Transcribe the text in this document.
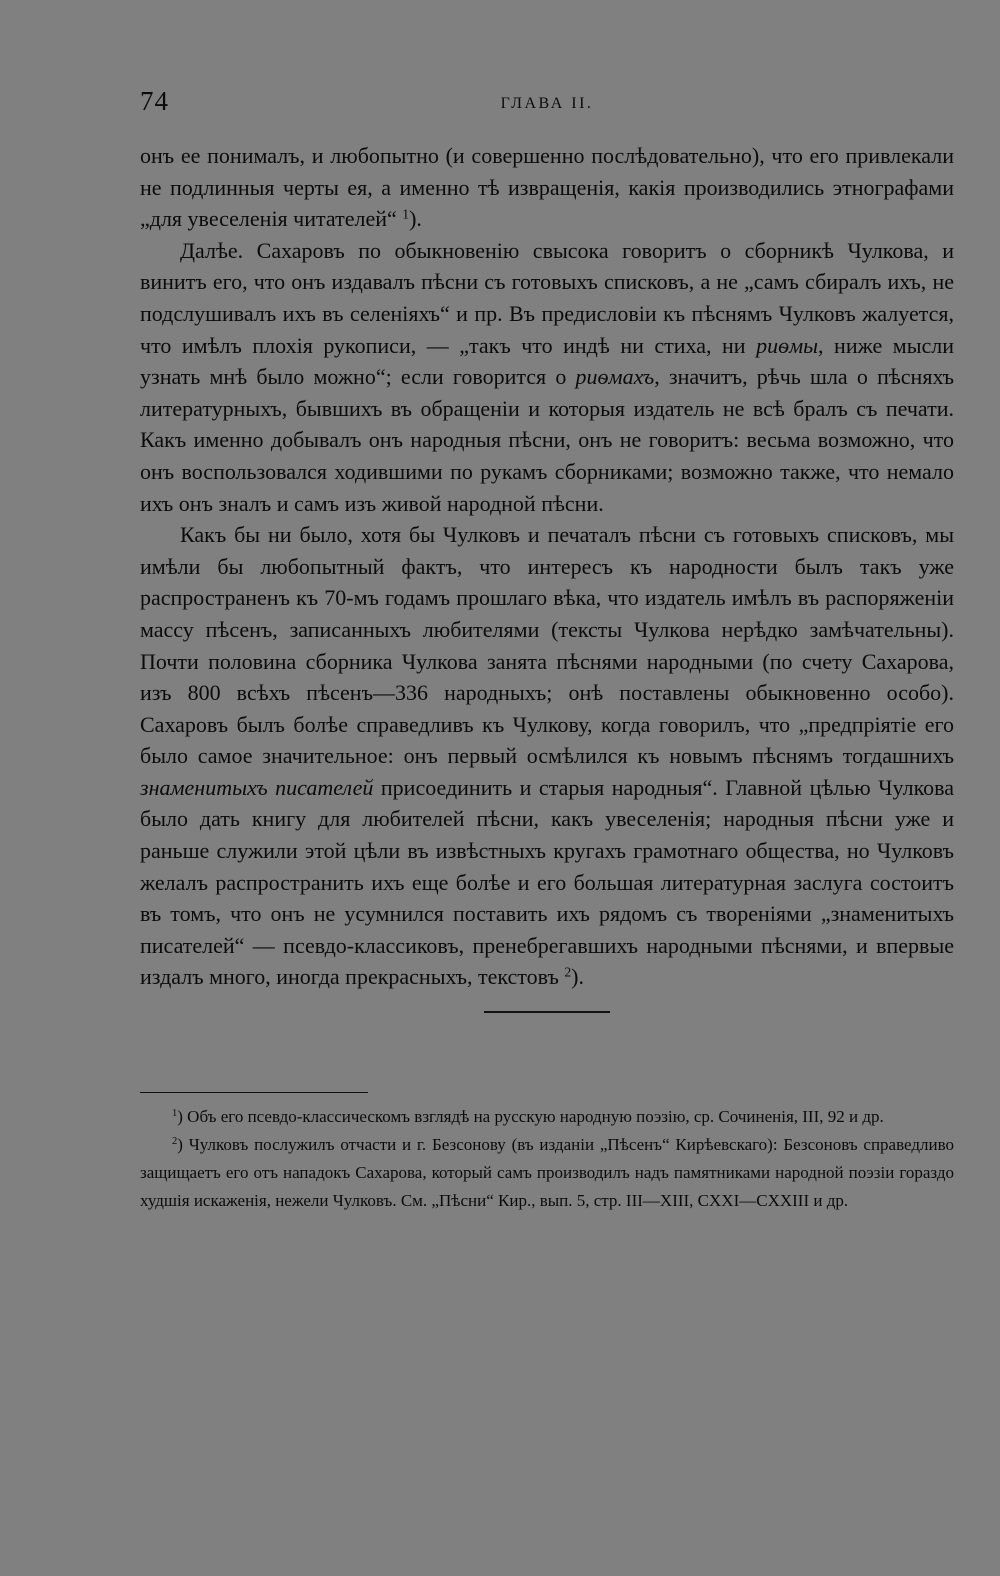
74	ГЛАВА II.

онъ ее понималъ, и любопытно (и совершенно послѣдовательно), что его привлекали не подлинныя черты ея, а именно тѣ извращенія, какія производились этнографами „для увеселенія читателей“ $^1$).

Далѣе. Сахаровъ по обыкновенію свысока говоритъ о сборникѣ Чулкова, и винитъ его, что онъ издавалъ пѣсни съ готовыхъ списковъ, а не „самъ сбиралъ ихъ, не подслушивалъ ихъ въ селеніяхъ“ и пр. Въ предисловіи къ пѣснямъ Чулковъ жалуется, что имѣлъ плохія рукописи, — „такъ что индѣ ни стиха, ни риѳмы, ниже мысли узнать мнѣ было можно“; если говорится о риѳмахъ, значитъ, рѣчь шла о пѣсняхъ литературныхъ, бывшихъ въ обращеніи и которыя издатель не всѣ бралъ съ печати. Какъ именно добывалъ онъ народныя пѣсни, онъ не говоритъ: весьма возможно, что онъ воспользовался ходившими по рукамъ сборниками; возможно также, что немало ихъ онъ зналъ и самъ изъ живой народной пѣсни.

Какъ бы ни было, хотя бы Чулковъ и печаталъ пѣсни съ готовыхъ списковъ, мы имѣли бы любопытный фактъ, что интересъ къ народности былъ такъ уже распространенъ къ 70-мъ годамъ прошлаго вѣка, что издатель имѣлъ въ распоряженіи массу пѣсенъ, записанныхъ любителями (тексты Чулкова нерѣдко замѣчательны). Почти половина сборника Чулкова занята пѣснями народными (по счету Сахарова, изъ 800 всѣхъ пѣсенъ—336 народныхъ; онѣ поставлены обыкновенно особо). Сахаровъ былъ болѣе справедливъ къ Чулкову, когда говорилъ, что „предпріятіе его было самое значительное: онъ первый осмѣлился къ новымъ пѣснямъ тогдашнихъ знаменитыхъ писателей присоединить и старыя народныя“. Главной цѣлью Чулкова было дать книгу для любителей пѣсни, какъ увеселенія; народныя пѣсни уже и раньше служили этой цѣли въ извѣстныхъ кругахъ грамотнаго общества, но Чулковъ желалъ распространить ихъ еще болѣе и его большая литературная заслуга состоитъ въ томъ, что онъ не усумнился поставить ихъ рядомъ съ твореніями „знаменитыхъ писателей“ — псевдо-классиковъ, пренебрегавшихъ народными пѣснями, и впервые издалъ много, иногда прекрасныхъ, текстовъ $^2$).

$^1$) Объ его псевдо-классическомъ взглядѣ на русскую народную поэзію, ср. Сочиненія, III, 92 и др.

$^2$) Чулковъ послужилъ отчасти и г. Безсонову (въ изданіи „Пѣсенъ“ Кирѣевскаго): Безсоновъ справедливо защищаетъ его отъ нападокъ Сахарова, который самъ производилъ надъ памятниками народной поэзіи гораздо худшія искаженія, нежели Чулковъ. См. „Пѣсни“ Кир., вып. 5, стр. III—XIII, CXXI—CXXIII и др.
